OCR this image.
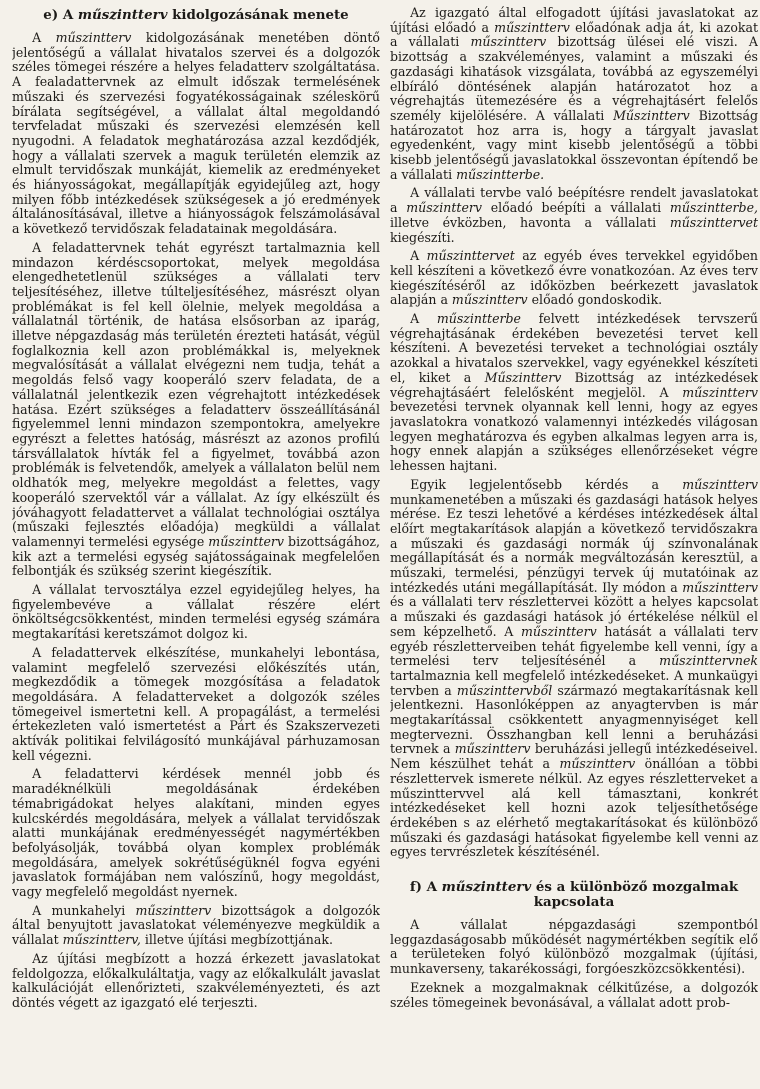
e) A műszintterv kidolgozásának menete

A műszintterv kidolgozásának menetében döntő jelentőségű a vállalat hivatalos szervei és a dolgozók széles tömegei részére a helyes feladatterv szolgáltatása. A fealadattervnek az elmult időszak termelésének műszaki és szervezési fogyatékosságainak széleskörű bírálata segítségével, a vállalat által megoldandó tervfeladat műszaki és szervezési elemzésén kell nyugodni. A feladatok meghatározása azzal kezdődjék, hogy a vállalati szervek a maguk területén elemzik az elmult tervidőszak munkáját, kiemelik az eredményeket és hiányosságokat, megállapítják egyidejűleg azt, hogy milyen főbb intézkedések szükségesek a jó eredmények általánosításával, illetve a hiányosságok felszámolásával a következő tervidőszak feladatainak megoldására.

A feladattervnek tehát egyrészt tartalmaznia kell mindazon kérdéscsoportokat, melyek megoldása elengedhetetlenül szükséges a vállalati terv teljesítéséhez, illetve túlteljesítéséhez, másrészt olyan problémákat is fel kell ölelnie, melyek megoldása a vállalatnál történik, de hatása elsősorban az iparág, illetve népgazdaság más területén érezteti hatását, végül foglalkoznia kell azon problémákkal is, melyeknek megvalósítását a vállalat elvégezni nem tudja, tehát a megoldás felső vagy kooperáló szerv feladata, de a vállalatnál jelentkezik ezen végrehajtott intézkedések hatása. Ezért szükséges a feladatterv összeállításánál figyelemmel lenni mindazon szempontokra, amelyekre egyrészt a felettes hatóság, másrészt az azonos profilú társvállalatok hívták fel a figyelmet, továbbá azon problémák is felvetendők, amelyek a vállalaton belül nem oldhatók meg, melyekre megoldást a felettes, vagy kooperáló szervektől vár a vállalat. Az így elkészült és jóváhagyott feladattervet a vállalat technológiai osztálya (műszaki fejlesztés előadója) megküldi a vállalat valamennyi termelési egysége műszintterv bizottságához, kik azt a termelési egység sajátosságainak megfelelően felbontják és szükség szerint kiegészítik.

A vállalat tervosztálya ezzel egyidejűleg helyes, ha figyelembevéve a vállalat részére elért önköltségcsökkentést, minden termelési egység számára megtakarítási keretszámot dolgoz ki.

A feladattervek elkészítése, munkahelyi lebontása, valamint megfelelő szervezési előkészítés után, megkezdődik a tömegek mozgósítása a feladatok megoldására. A feladatterveket a dolgozók széles tömegeivel ismertetni kell. A propagálást, a termelési értekezleten való ismertetést a Párt és Szakszervezeti aktívák politikai felvilágosító munkájával párhuzamosan kell végezni.

A feladattervi kérdések mennél jobb és maradéknélküli megoldásának érdekében témabrigádokat helyes alakítani, minden egyes kulcskérdés megoldására, melyek a vállalat tervidőszak alatti munkájának eredményességét nagymértékben befolyásolják, továbbá olyan komplex problémák megoldására, amelyek sokrétűségüknél fogva egyéni javaslatok formájában nem valószínű, hogy megoldást, vagy megfelelő megoldást nyernek.

A munkahelyi műszintterv bizottságok a dolgozók által benyujtott javaslatokat véleményezve megküldik a vállalat műszintterv, illetve újítási megbízottjának.

Az újítási megbízott a hozzá érkezett javaslatokat feldolgozza, előkalkuláltatja, vagy az előkalkulált javaslat kalkulációját ellenőrizteti, szakvéleményezteti, és azt döntés végett az igazgató elé terjeszti.

Az igazgató által elfogadott újítási javaslatokat az újítási előadó a műszintterv előadónak adja át, ki azokat a vállalati műszintterv bizottság ülései elé viszi. A bizottság a szakvéleményes, valamint a műszaki és gazdasági kihatások vizsgálata, továbbá az egyszemélyi elbíráló döntésének alapján határozatot hoz a végrehajtás ütemezésére és a végrehajtásért felelős személy kijelölésére. A vállalati Műszintterv Bizottság határozatot hoz arra is, hogy a tárgyalt javaslat egyedenként, vagy mint kisebb jelentőségű a többi kisebb jelentőségű javaslatokkal összevontan építendő be a vállalati műszintterbe.

A vállalati tervbe való beépítésre rendelt javaslatokat a műszintterv előadó beépíti a vállalati műszintterbe, illetve évközben, havonta a vállalati műszinttervet kiegészíti.

A műszinttervet az egyéb éves tervekkel egyidőben kell készíteni a következő évre vonatkozóan. Az éves terv kiegészítéséről az időközben beérkezett javaslatok alapján a műszintterv előadó gondoskodik.

A műszintterbe felvett intézkedések tervszerű végrehajtásának érdekében bevezetési tervet kell készíteni. A bevezetési terveket a technológiai osztály azokkal a hivatalos szervekkel, vagy egyénekkel készíteti el, kiket a Műszintterv Bizottság az intézkedések végrehajtásáért felelősként megjelöl. A műszintterv bevezetési tervnek olyannak kell lenni, hogy az egyes javaslatokra vonatkozó valamennyi intézkedés világosan legyen meghatározva és egyben alkalmas legyen arra is, hogy ennek alapján a szükséges ellenőrzéseket végre lehessen hajtani.

Egyik legjelentősebb kérdés a műszintterv munkamenetében a műszaki és gazdasági hatások helyes mérése. Ez teszi lehetővé a kérdéses intézkedések által előírt megtakarítások alapján a következő tervidőszakra a műszaki és gazdasági normák új színvonalának megállapítását és a normák megváltozásán keresztül, a műszaki, termelési, pénzügyi tervek új mutatóinak az intézkedés utáni megállapítását. Ily módon a műszintterv és a vállalati terv részlettervei között a helyes kapcsolat a műszaki és gazdasági hatások jó értékelése nélkül el sem képzelhető. A műszintterv hatását a vállalati terv egyéb részletterveiben tehát figyelembe kell venni, így a termelési terv teljesítésénél a műszinttervnek tartalmaznia kell megfelelő intézkedéseket. A munkaügyi tervben a műszinttervből származó megtakarításnak kell jelentkezni. Hasonlóképpen az anyagtervben is már megtakarítással csökkentett anyagmennyiséget kell megtervezni. Összhangban kell lenni a beruházási tervnek a műszintterv beruházási jellegű intézkedéseivel. Nem készülhet tehát a műszintterv önállóan a többi részlettervek ismerete nélkül. Az egyes részletterveket a műszinttervvel alá kell támasztani, konkrét intézkedéseket kell hozni azok teljesíthetősége érdekében s az elérhető megtakarításokat és különböző műszaki és gazdasági hatásokat figyelembe kell venni az egyes tervrészletek készítésénél.

f) A műszintterv és a különböző mozgalmak kapcsolata

A vállalat népgazdasági szempontból leggazdaságosabb működését nagymértékben segítik elő a területeken folyó különböző mozgalmak (újítási, munkaverseny, takarékossági, forgóeszközcsökkentési).

Ezeknek a mozgalmaknak célkitűzése, a dolgozók széles tömegeinek bevonásával, a vállalat adott prob-
